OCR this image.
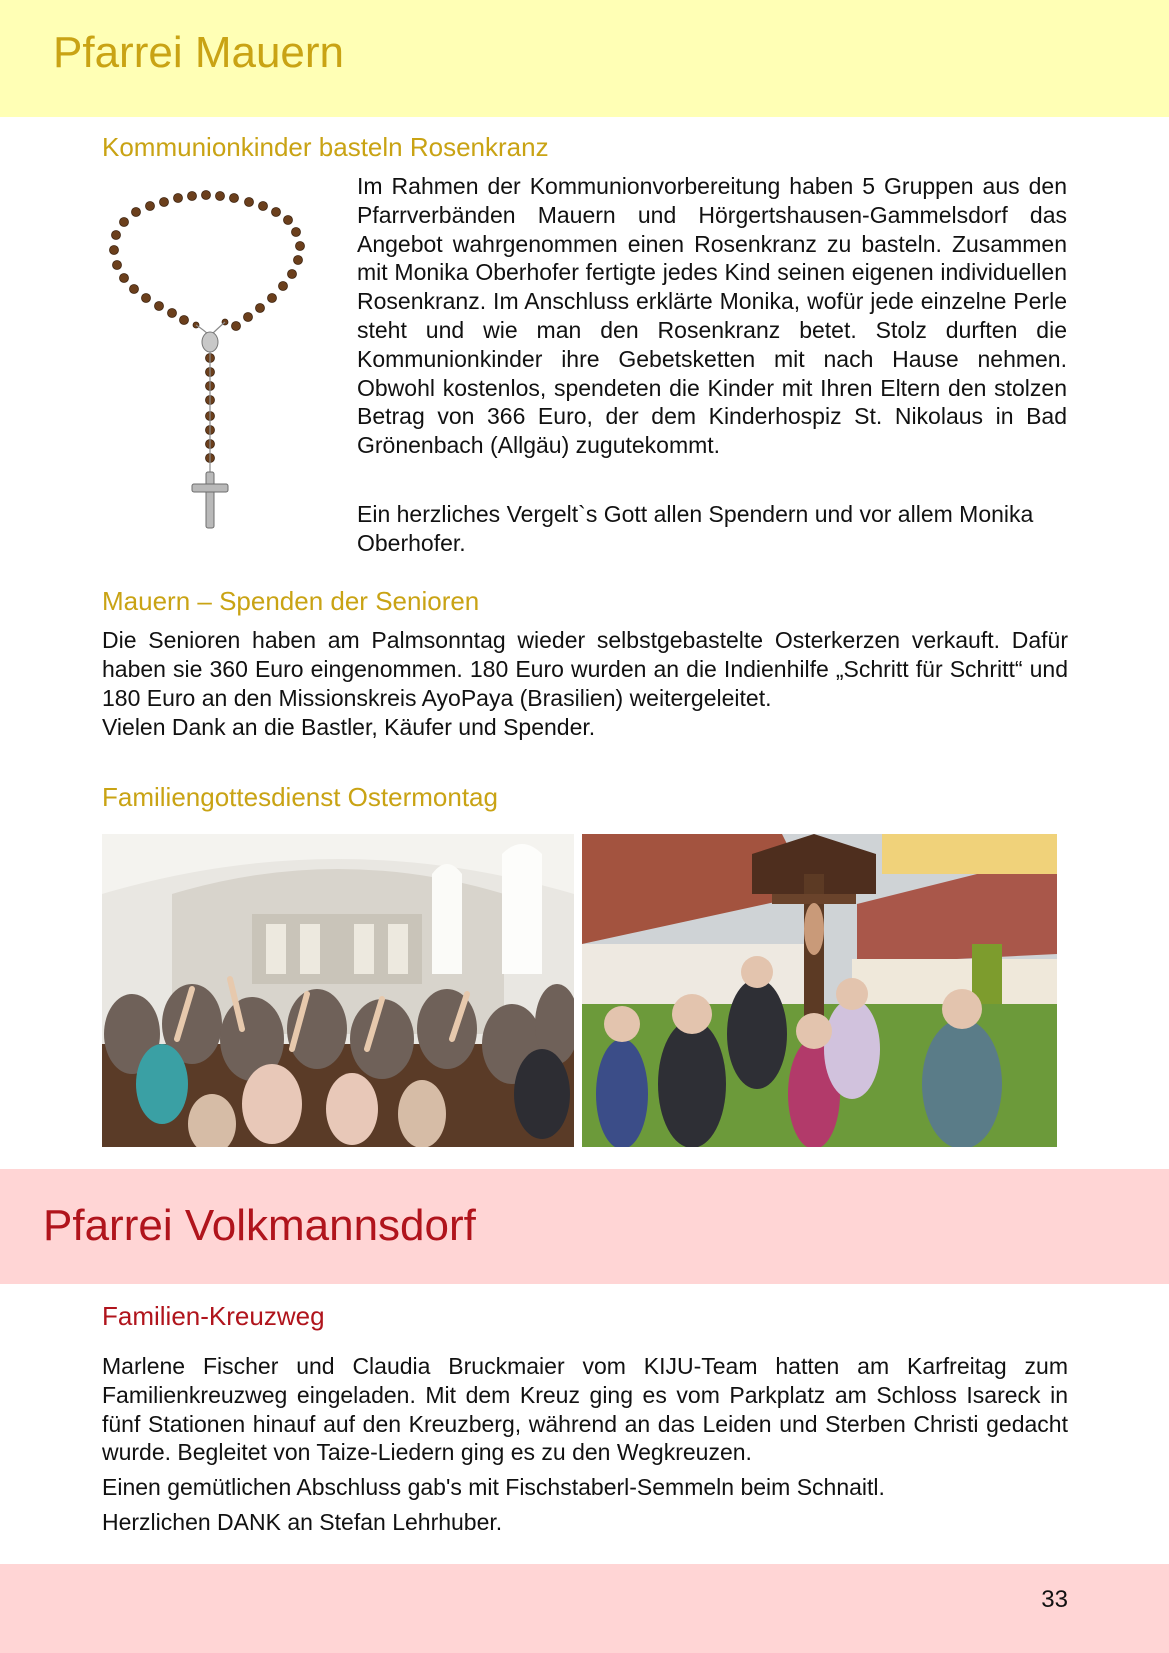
Pfarrei Mauern
Kommunionkinder basteln Rosenkranz

Im Rahmen der Kommunionvorbereitung haben 5 Gruppen aus den Pfarrverbänden Mauern und Hörgertshausen-Gammelsdorf das Angebot wahrgenommen einen Rosenkranz zu basteln. Zusammen mit Monika Oberhofer fertigte jedes Kind seinen eigenen individuellen Rosenkranz. Im Anschluss erklärte Monika, wofür jede einzelne Perle steht und wie man den Rosenkranz betet. Stolz durften die Kommunionkinder ihre Gebetsketten mit nach Hause nehmen. Obwohl kostenlos, spendeten die Kinder mit Ihren Eltern den stolzen Betrag von 366 Euro, der dem Kinderhospiz St. Nikolaus in Bad Grönenbach (Allgäu) zugutekommt.

Ein herzliches Vergelt`s Gott allen Spendern und vor allem Monika Oberhofer.

Mauern – Spenden der Senioren

Die Senioren haben am Palmsonntag wieder selbstgebastelte Osterkerzen verkauft. Dafür haben sie 360 Euro eingenommen. 180 Euro wurden an die Indienhilfe „Schritt für Schritt“ und 180 Euro an den Missionskreis AyoPaya (Brasilien) weitergeleitet.

Vielen Dank an die Bastler, Käufer und Spender.

Familiengottesdienst Ostermontag
Pfarrei Volkmannsdorf
Familien-Kreuzweg

Marlene Fischer und Claudia Bruckmaier vom KIJU-Team hatten am Karfreitag zum Familienkreuzweg eingeladen. Mit dem Kreuz ging es vom Parkplatz am Schloss Isareck in fünf Stationen hinauf auf den Kreuzberg, während an das Leiden und Sterben Christi gedacht wurde. Begleitet von Taize-Liedern ging es zu den Wegkreuzen.

Einen gemütlichen Abschluss gab's mit Fischstaberl-Semmeln beim Schnaitl.

Herzlichen DANK an Stefan Lehrhuber.

33
